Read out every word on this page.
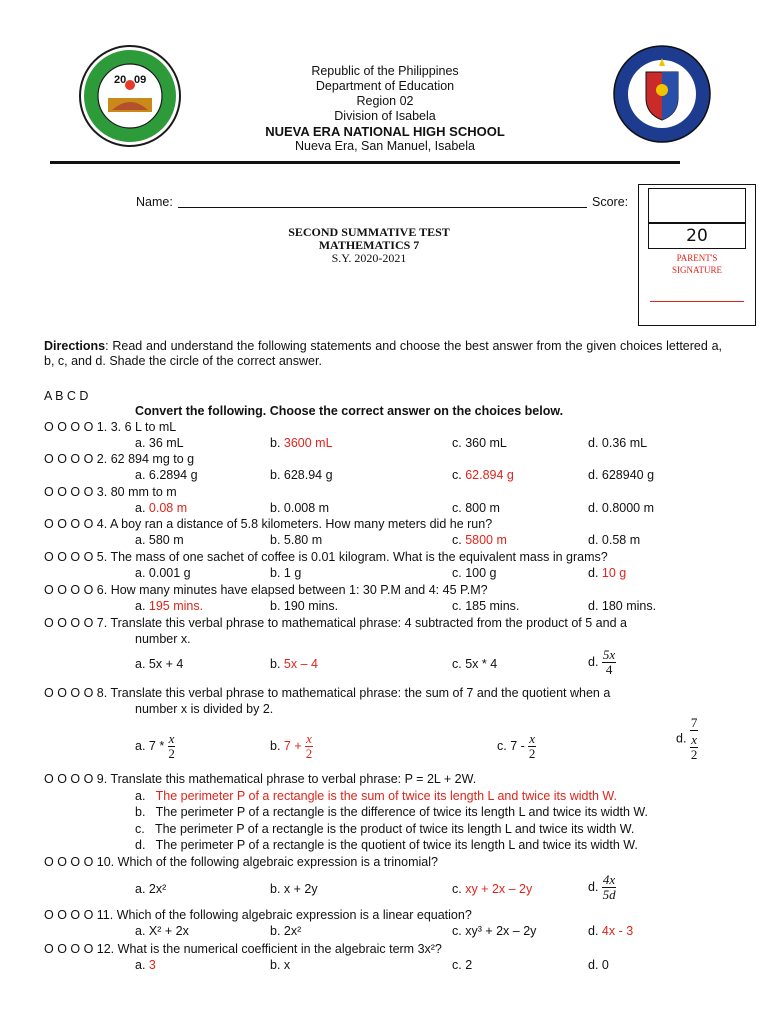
20 09
Republic of the Philippines
Department of Education
Region 02
Division of Isabela
NUEVA ERA NATIONAL HIGH SCHOOL
Nueva Era, San Manuel, Isabela
Name:	Score:
20
PARENT'S SIGNATURE
SECOND SUMMATIVE TEST
MATHEMATICS 7
S.Y. 2020-2021
Directions: Read and understand the following statements and choose the best answer from the given choices lettered a, b, c, and d. Shade the circle of the correct answer.
A B C D
Convert the following. Choose the correct answer on the choices below.
O O O O 1. 3. 6 L to mL
a. 36 mL	b. 3600 mL	c. 360 mL	d. 0.36 mL
O O O O 2. 62 894 mg to g
a. 6.2894 g	b. 628.94 g	c. 62.894 g	d. 628940 g
O O O O 3. 80 mm to m
a. 0.08 m	b. 0.008 m	c. 800 m	d. 0.8000 m
O O O O 4. A boy ran a distance of 5.8 kilometers. How many meters did he run?
a. 580 m	b. 5.80 m	c. 5800 m	d. 0.58 m
O O O O 5. The mass of one sachet of coffee is 0.01 kilogram. What is the equivalent mass in grams?
a. 0.001 g	b. 1 g	c. 100 g	d. 10 g
O O O O 6. How many minutes have elapsed between 1: 30 P.M and 4: 45 P.M?
a. 195 mins.	b. 190 mins.	c. 185 mins.	d. 180 mins.
O O O O 7. Translate this verbal phrase to mathematical phrase: 4 subtracted from the product of 5 and a
number x.
a. 5x + 4	b. 5x – 4	c. 5x * 4	d. $\frac{5x}{4}$
O O O O 8. Translate this verbal phrase to mathematical phrase: the sum of 7 and the quotient when a
number x is divided by 2.
a. $7 * \frac{x}{2}$	b. $7 + \frac{x}{2}$	c. $7 - \frac{x}{2}$	d. $\frac{7}{\frac{x}{2}}$
O O O O 9. Translate this mathematical phrase to verbal phrase: P = 2L + 2W.
a. The perimeter P of a rectangle is the sum of twice its length L and twice its width W.
b. The perimeter P of a rectangle is the difference of twice its length L and twice its width W.
c. The perimeter P of a rectangle is the product of twice its length L and twice its width W.
d. The perimeter P of a rectangle is the quotient of twice its length L and twice its width W.
O O O O 10. Which of the following algebraic expression is a trinomial?
a. 2x²	b. x + 2y	c. xy + 2x – 2y	d. $\frac{4x}{5d}$
O O O O 11. Which of the following algebraic expression is a linear equation?
a. X² + 2x	b. 2x²	c. xy³ + 2x – 2y	d. 4x - 3
O O O O 12. What is the numerical coefficient in the algebraic term 3x²?
a. 3	b. x	c. 2	d. 0
